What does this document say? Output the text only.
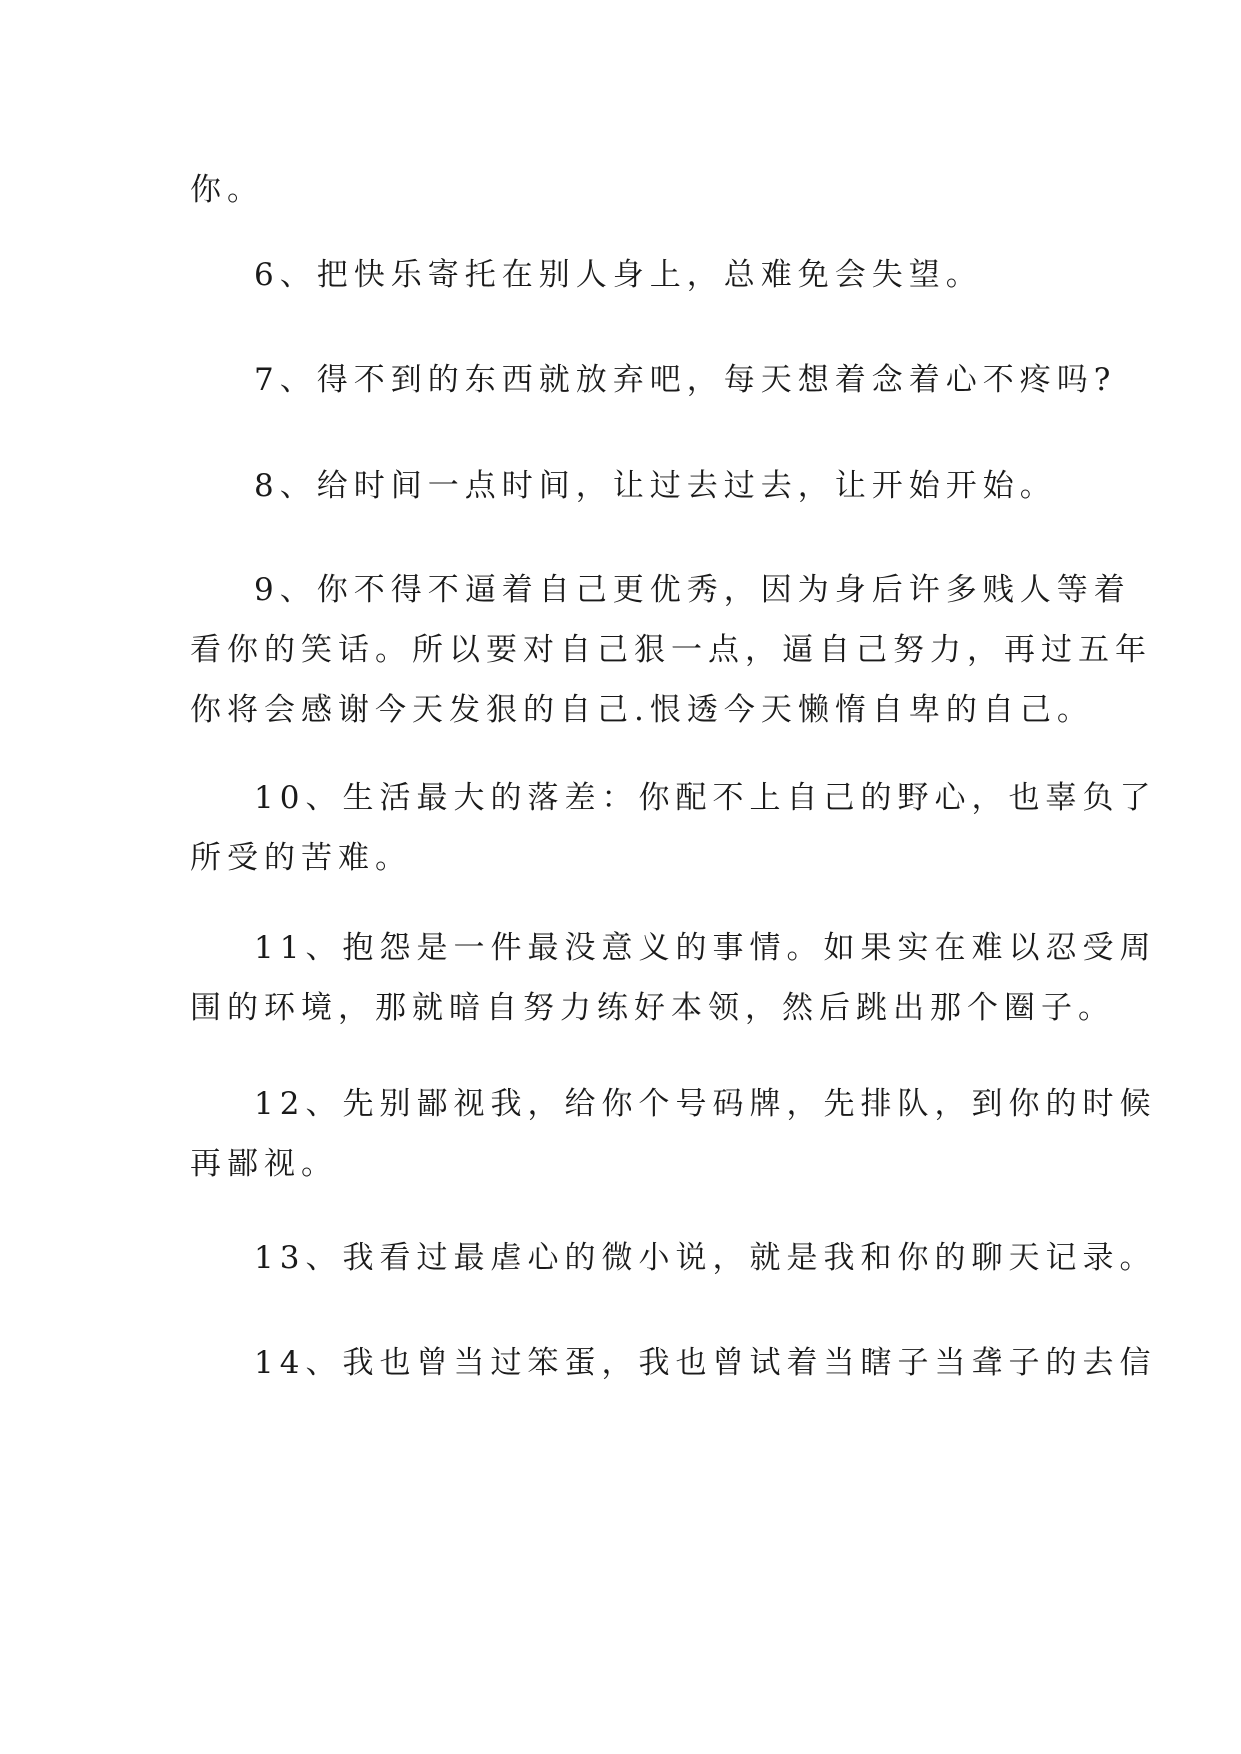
你。

6、把快乐寄托在别人身上，总难免会失望。

7、得不到的东西就放弃吧，每天想着念着心不疼吗?

8、给时间一点时间，让过去过去，让开始开始。

9、你不得不逼着自己更优秀，因为身后许多贱人等着
看你的笑话。所以要对自己狠一点，逼自己努力，再过五年
你将会感谢今天发狠的自己.恨透今天懒惰自卑的自己。

10、生活最大的落差：你配不上自己的野心，也辜负了
所受的苦难。

11、抱怨是一件最没意义的事情。如果实在难以忍受周
围的环境，那就暗自努力练好本领，然后跳出那个圈子。

12、先别鄙视我，给你个号码牌，先排队，到你的时候
再鄙视。

13、我看过最虐心的微小说，就是我和你的聊天记录。

14、我也曾当过笨蛋，我也曾试着当瞎子当聋子的去信
